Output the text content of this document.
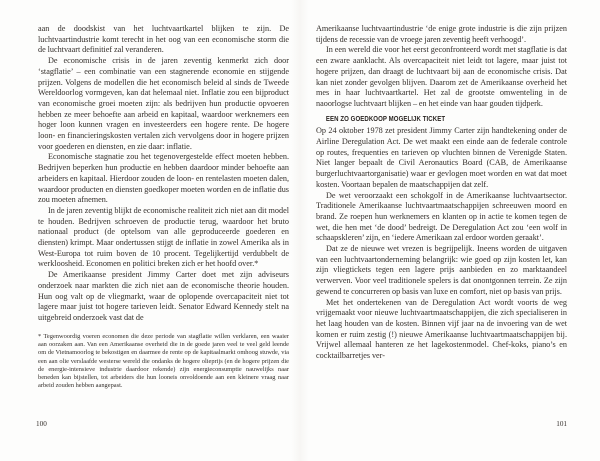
aan de doodskist van het luchtvaartkartel blijken te zijn. De luchtvaartindustrie komt terecht in het oog van een economische storm die de luchtvaart definitief zal veranderen.

De economische crisis in de jaren zeventig kenmerkt zich door ‘stagflatie’ – een combinatie van een stagnerende economie en stijgende prijzen. Volgens de modellen die het economisch beleid al sinds de Tweede Wereldoorlog vormgeven, kan dat helemaal niet. Inflatie zou een bijproduct van economische groei moeten zijn: als bedrijven hun productie opvoeren hebben ze meer behoefte aan arbeid en kapitaal, waardoor werknemers een hoger loon kunnen vragen en investeerders een hogere rente. De hogere loon- en financieringskosten vertalen zich vervolgens door in hogere prijzen voor goederen en diensten, en zie daar: inflatie.

Economische stagnatie zou het tegenovergestelde effect moeten hebben. Bedrijven beperken hun productie en hebben daardoor minder behoefte aan arbeiders en kapitaal. Hierdoor zouden de loon- en rentelasten moeten dalen, waardoor producten en diensten goedkoper moeten worden en de inflatie dus zou moeten afnemen.

In de jaren zeventig blijkt de economische realiteit zich niet aan dit model te houden. Bedrijven schroeven de productie terug, waardoor het bruto nationaal product (de optelsom van alle geproduceerde goederen en diensten) krimpt. Maar ondertussen stijgt de inflatie in zowel Amerika als in West-Europa tot ruim boven de 10 procent. Tegelijkertijd verdubbelt de werkloosheid. Economen en politici breken zich er het hoofd over.*

De Amerikaanse president Jimmy Carter doet met zijn adviseurs onderzoek naar markten die zich niet aan de economische theorie houden. Hun oog valt op de vliegmarkt, waar de oplopende overcapaciteit niet tot lagere maar juist tot hogere tarieven leidt. Senator Edward Kennedy stelt na uitgebreid onderzoek vast dat de

* Tegenwoordig voeren economen die deze periode van stagflatie willen verklaren, een waaier aan oorzaken aan. Van een Amerikaanse overheid die in de goede jaren veel te veel geld leende om de Vietnamoorlog te bekostigen en daarmee de rente op de kapitaalmarkt omhoog stuwde, via een aan olie verslaafde westerse wereld die ondanks de hogere olieprijs (en de hogere prijzen die de energie-intensieve industrie daardoor rekende) zijn energieconsumptie nauwelijks naar beneden kan bijstellen, tot arbeiders die hun looneis onvoldoende aan een kleinere vraag naar arbeid zouden hebben aangepast.
100

Amerikaanse luchtvaartindustrie ‘de enige grote industrie is die zijn prijzen tijdens de recessie van de vroege jaren zeventig heeft verhoogd’.

In een wereld die voor het eerst geconfronteerd wordt met stagflatie is dat een zware aanklacht. Als overcapaciteit niet leidt tot lagere, maar juist tot hogere prijzen, dan draagt de luchtvaart bij aan de economische crisis. Dat kan niet zonder gevolgen blijven. Daarom zet de Amerikaanse overheid het mes in haar luchtvaartkartel. Het zal de grootste omwenteling in de naoorlogse luchtvaart blijken – en het einde van haar gouden tijdperk.

EEN ZO GOEDKOOP MOGELIJK TICKET

Op 24 oktober 1978 zet president Jimmy Carter zijn handtekening onder de Airline Deregulation Act. De wet maakt een einde aan de federale controle op routes, frequenties en tarieven op vluchten binnen de Verenigde Staten. Niet langer bepaalt de Civil Aeronautics Board (CAB, de Amerikaanse burgerluchtvaartorganisatie) waar er gevlogen moet worden en wat dat moet kosten. Voortaan bepalen de maatschappijen dat zelf.

De wet veroorzaakt een schokgolf in de Amerikaanse luchtvaartsector. Traditionele Amerikaanse luchtvaartmaatschappijen schreeuwen moord en brand. Ze roepen hun werknemers en klanten op in actie te komen tegen de wet, die hen met ‘de dood’ bedreigt. De Deregulation Act zou ‘een wolf in schaapskleren’ zijn, en ‘iedere Amerikaan zal erdoor worden geraakt’.

Dat ze de nieuwe wet vrezen is begrijpelijk. Ineens worden de uitgaven van een luchtvaartonderneming belangrijk: wie goed op zijn kosten let, kan zijn vliegtickets tegen een lagere prijs aanbieden en zo marktaandeel verwerven. Voor veel traditionele spelers is dat onontgonnen terrein. Ze zijn gewend te concurreren op basis van luxe en comfort, niet op basis van prijs.

Met het ondertekenen van de Deregulation Act wordt voorts de weg vrijgemaakt voor nieuwe luchtvaartmaatschappijen, die zich specialiseren in het laag houden van de kosten. Binnen vijf jaar na de invoering van de wet komen er ruim zestig (!) nieuwe Amerikaanse luchtvaartmaatschappijen bij. Vrijwel allemaal hanteren ze het lagekostenmodel. Chef-koks, piano’s en cocktailbarretjes ver-

101
